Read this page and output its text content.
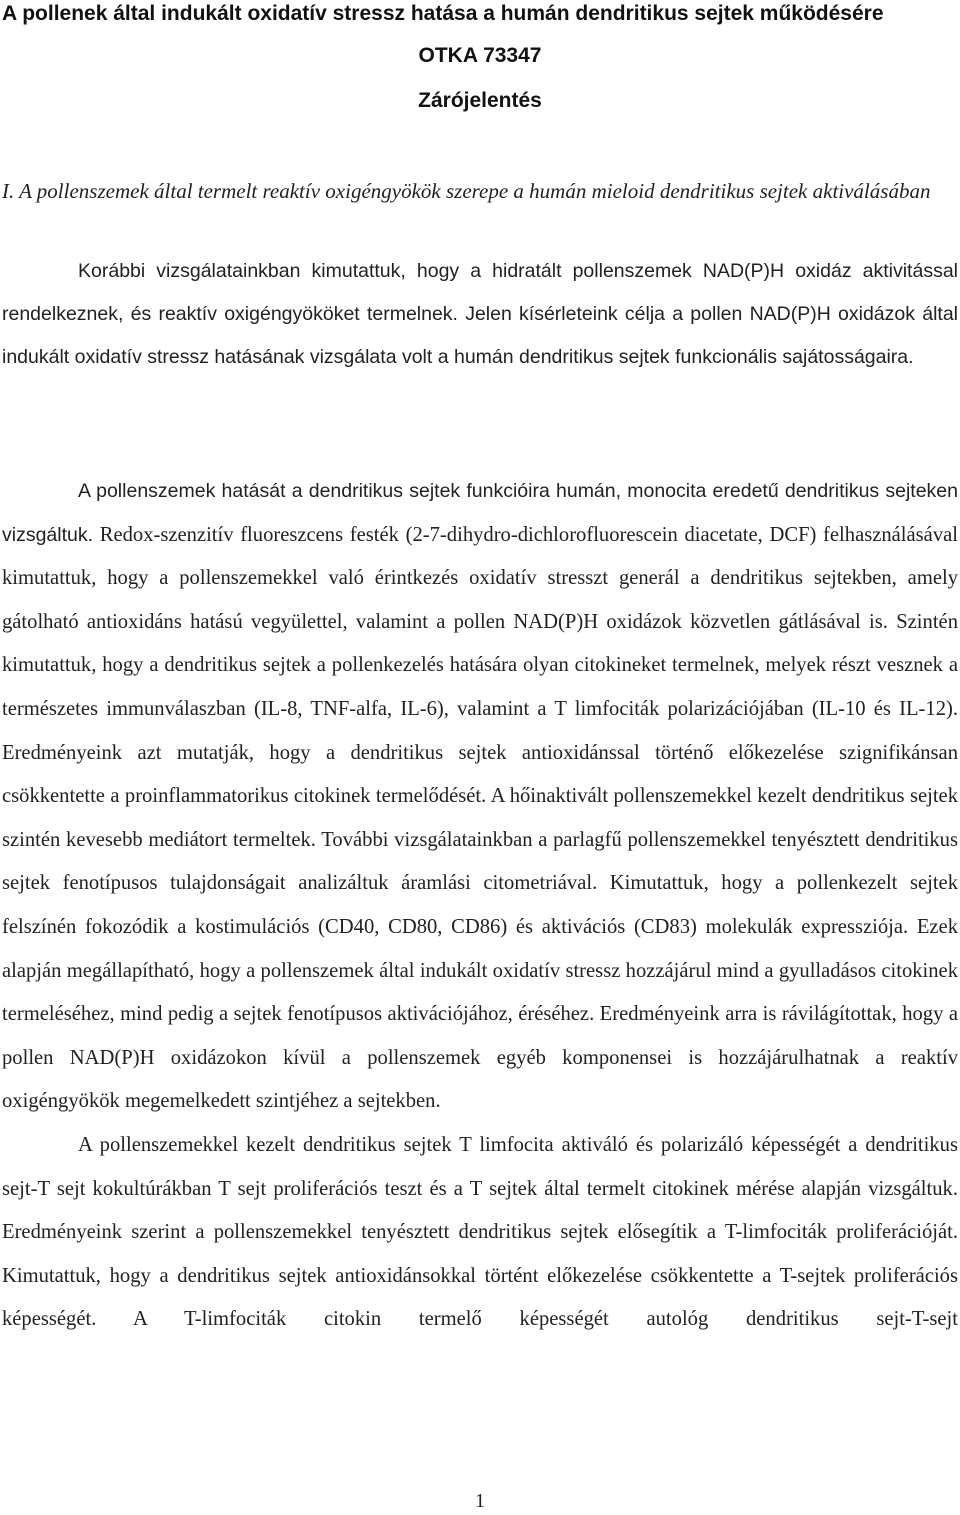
A pollenek által indukált oxidatív stressz hatása a humán dendritikus sejtek működésére
OTKA 73347
Zárójelentés
I. A pollenszemek által termelt reaktív oxigéngyökök szerepe a humán mieloid dendritikus sejtek aktiválásában

Korábbi vizsgálatainkban kimutattuk, hogy a hidratált pollenszemek NAD(P)H oxidáz aktivitással rendelkeznek, és reaktív oxigéngyököket termelnek. Jelen kísérleteink célja a pollen NAD(P)H oxidázok által indukált oxidatív stressz hatásának vizsgálata volt a humán dendritikus sejtek funkcionális sajátosságaira.

A pollenszemek hatását a dendritikus sejtek funkcióira humán, monocita eredetű dendritikus sejteken vizsgáltuk. Redox-szenzitív fluoreszcens festék (2-7-dihydro-dichlorofluorescein diacetate, DCF) felhasználásával kimutattuk, hogy a pollenszemekkel való érintkezés oxidatív stresszt generál a dendritikus sejtekben, amely gátolható antioxidáns hatású vegyülettel, valamint a pollen NAD(P)H oxidázok közvetlen gátlásával is. Szintén kimutattuk, hogy a dendritikus sejtek a pollenkezelés hatására olyan citokineket termelnek, melyek részt vesznek a természetes immunválaszban (IL-8, TNF-alfa, IL-6), valamint a T limfociták polarizációjában (IL-10 és IL-12). Eredményeink azt mutatják, hogy a dendritikus sejtek antioxidánssal történő előkezelése szignifikánsan csökkentette a proinflammatorikus citokinek termelődését. A hőinaktivált pollenszemekkel kezelt dendritikus sejtek szintén kevesebb mediátort termeltek. További vizsgálatainkban a parlagfű pollenszemekkel tenyésztett dendritikus sejtek fenotípusos tulajdonságait analizáltuk áramlási citometriával. Kimutattuk, hogy a pollenkezelt sejtek felszínén fokozódik a kostimulációs (CD40, CD80, CD86) és aktivációs (CD83) molekulák expressziója. Ezek alapján megállapítható, hogy a pollenszemek által indukált oxidatív stressz hozzájárul mind a gyulladásos citokinek termeléséhez, mind pedig a sejtek fenotípusos aktivációjához, éréséhez. Eredményeink arra is rávilágítottak, hogy a pollen NAD(P)H oxidázokon kívül a pollenszemek egyéb komponensei is hozzájárulhatnak a reaktív oxigéngyökök megemelkedett szintjéhez a sejtekben.

A pollenszemekkel kezelt dendritikus sejtek T limfocita aktiváló és polarizáló képességét a dendritikus sejt-T sejt kokultúrákban T sejt proliferációs teszt és a T sejtek által termelt citokinek mérése alapján vizsgáltuk. Eredményeink szerint a pollenszemekkel tenyésztett dendritikus sejtek elősegítik a T-limfociták proliferációját. Kimutattuk, hogy a dendritikus sejtek antioxidánsokkal történt előkezelése csökkentette a T-sejtek proliferációs képességét. A T-limfociták citokin termelő képességét autológ dendritikus sejt-T-sejt

1
